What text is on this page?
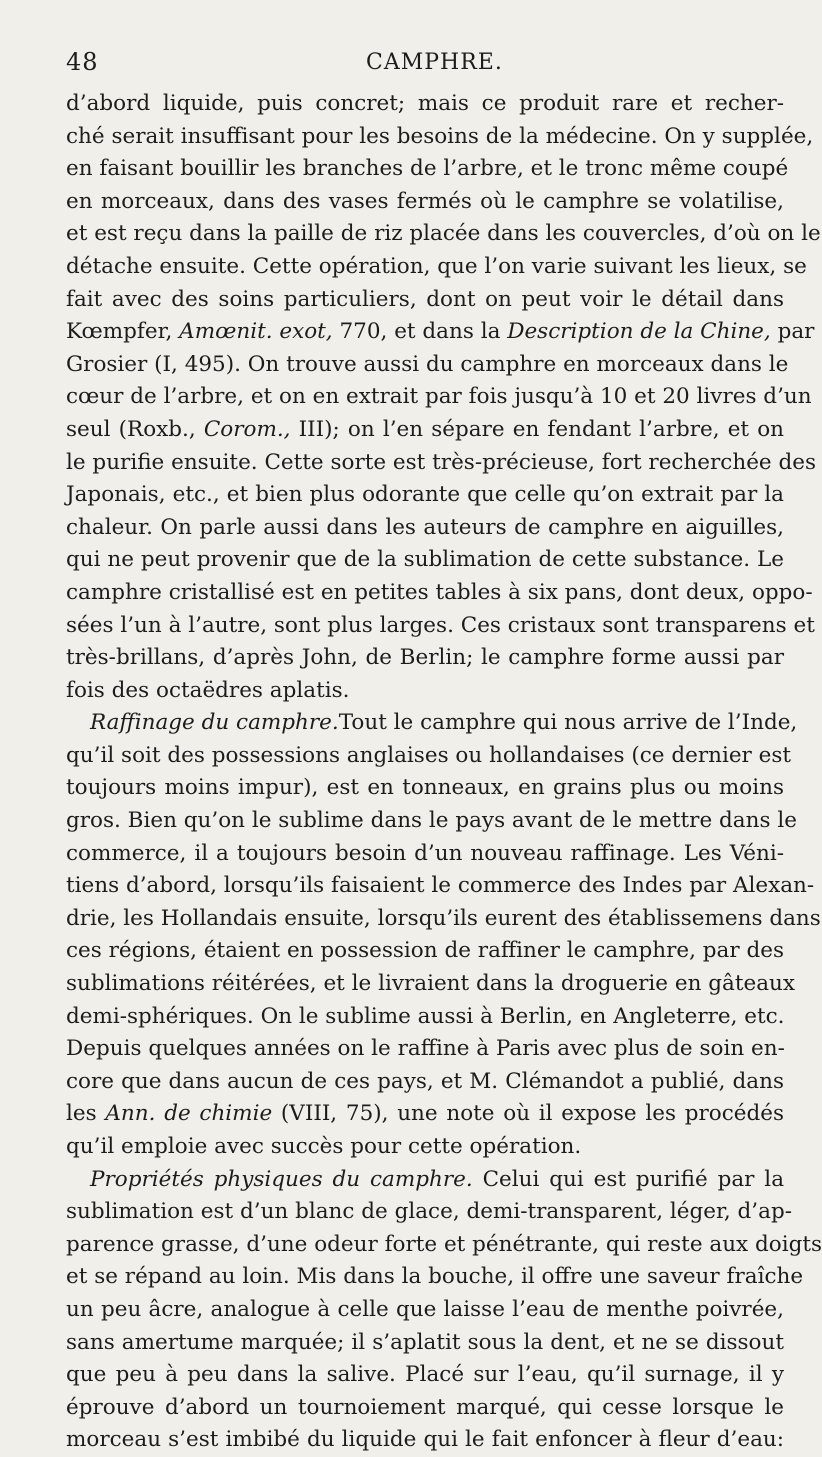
48	CAMPHRE.
d’abord liquide, puis concret; mais ce produit rare et recher-
ché serait insuffisant pour les besoins de la médecine. On y supplée,
en faisant bouillir les branches de l’arbre, et le tronc même coupé
en morceaux, dans des vases fermés où le camphre se volatilise,
et est reçu dans la paille de riz placée dans les couvercles, d’où on le
détache ensuite. Cette opération, que l’on varie suivant les lieux, se
fait avec des soins particuliers, dont on peut voir le détail dans
Kœmpfer, Amœnit. exot, 770, et dans la Description de la Chine, par
Grosier (I, 495). On trouve aussi du camphre en morceaux dans le
cœur de l’arbre, et on en extrait par fois jusqu’à 10 et 20 livres d’un
seul (Roxb., Corom., III); on l’en sépare en fendant l’arbre, et on
le purifie ensuite. Cette sorte est très-précieuse, fort recherchée des
Japonais, etc., et bien plus odorante que celle qu’on extrait par la
chaleur. On parle aussi dans les auteurs de camphre en aiguilles,
qui ne peut provenir que de la sublimation de cette substance. Le
camphre cristallisé est en petites tables à six pans, dont deux, oppo-
sées l’un à l’autre, sont plus larges. Ces cristaux sont transparens et
très-brillans, d’après John, de Berlin; le camphre forme aussi par
fois des octaëdres aplatis.
Raffinage du camphre.Tout le camphre qui nous arrive de l’Inde,
qu’il soit des possessions anglaises ou hollandaises (ce dernier est
toujours moins impur), est en tonneaux, en grains plus ou moins
gros. Bien qu’on le sublime dans le pays avant de le mettre dans le
commerce, il a toujours besoin d’un nouveau raffinage. Les Véni-
tiens d’abord, lorsqu’ils faisaient le commerce des Indes par Alexan-
drie, les Hollandais ensuite, lorsqu’ils eurent des établissemens dans
ces régions, étaient en possession de raffiner le camphre, par des
sublimations réitérées, et le livraient dans la droguerie en gâteaux
demi-sphériques. On le sublime aussi à Berlin, en Angleterre, etc.
Depuis quelques années on le raffine à Paris avec plus de soin en-
core que dans aucun de ces pays, et M. Clémandot a publié, dans
les Ann. de chimie (VIII, 75), une note où il expose les procédés
qu’il emploie avec succès pour cette opération.
Propriétés physiques du camphre. Celui qui est purifié par la
sublimation est d’un blanc de glace, demi-transparent, léger, d’ap-
parence grasse, d’une odeur forte et pénétrante, qui reste aux doigts
et se répand au loin. Mis dans la bouche, il offre une saveur fraîche
un peu âcre, analogue à celle que laisse l’eau de menthe poivrée,
sans amertume marquée; il s’aplatit sous la dent, et ne se dissout
que peu à peu dans la salive. Placé sur l’eau, qu’il surnage, il y
éprouve d’abord un tournoiement marqué, qui cesse lorsque le
morceau s’est imbibé du liquide qui le fait enfoncer à fleur d’eau:
